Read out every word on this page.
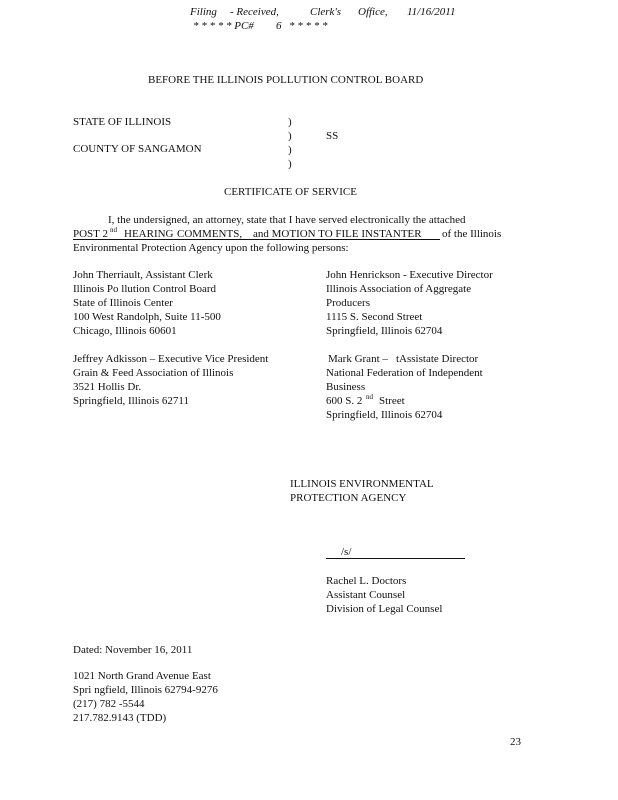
Filing - Received,	Clerk's Office, 11/16/2011
* * * * * PC# 6 * * * * *
BEFORE THE ILLINOIS POLLUTION CONTROL BOARD
STATE OF ILLINOIS
COUNTY OF SANGAMON
)
)
)
)
SS
CERTIFICATE OF SERVICE
I, the undersigned, an attorney, state that I have served electronically the attached
POST 2 nd HEARING COMMENTS, and MOTION TO FILE INSTANTER of the Illinois
Environmental Protection Agency upon the following persons:
John Therriault, Assistant Clerk
Illinois Po llution Control Board
State of Illinois Center
100 West Randolph, Suite 11-500
Chicago, Illinois 60601
John Henrickson - Executive Director
Illinois Association of Aggregate
Producers
1115 S. Second Street
Springfield, Illinois 62704
Jeffrey Adkisson – Executive Vice President
Grain & Feed Association of Illinois
3521 Hollis Dr.
Springfield, Illinois 62711
Mark Grant – tAssistate Director
National Federation of Independent
Business
600 S. 2 nd Street
Springfield, Illinois 62704
ILLINOIS ENVIRONMENTAL
PROTECTION AGENCY
/s/
Rachel L. Doctors
Assistant Counsel
Division of Legal Counsel
Dated: November 16, 2011
1021 North Grand Avenue East
Spri ngfield, Illinois 62794-9276
(217) 782 -5544
217.782.9143 (TDD)
23
